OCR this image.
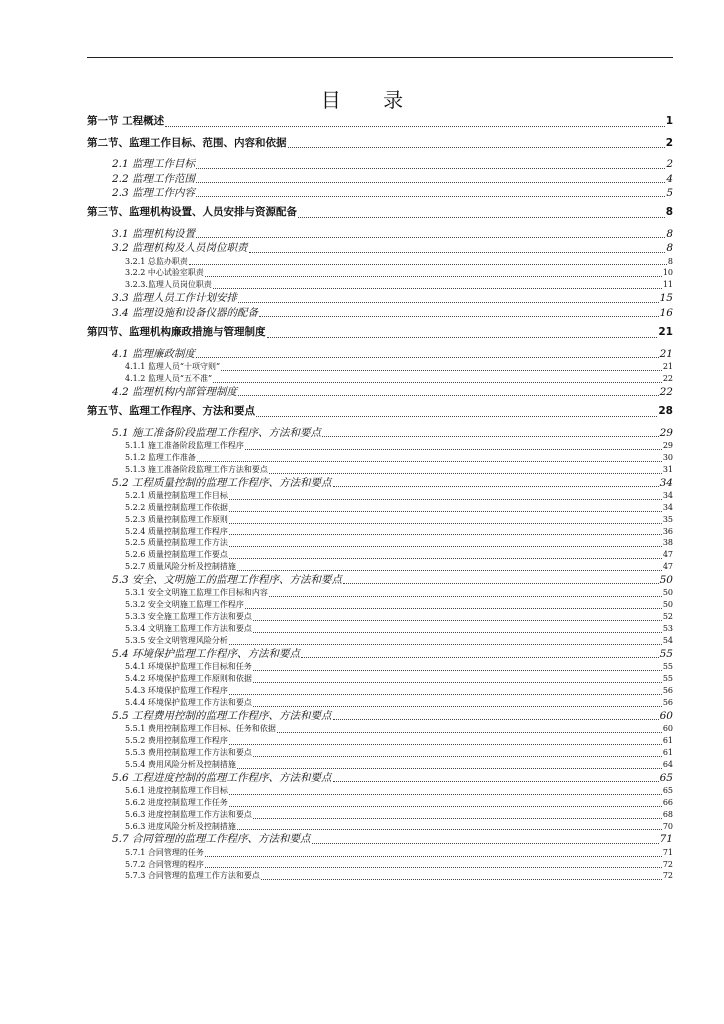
目 录
第一节 工程概述	1
第二节、监理工作目标、范围、内容和依据	2
2.1 监理工作目标	2
2.2 监理工作范围	4
2.3 监理工作内容	5
第三节、监理机构设置、人员安排与资源配备	8
3.1 监理机构设置	8
3.2 监理机构及人员岗位职责	8
3.2.1 总监办职责	8
3.2.2 中心试验室职责	10
3.2.3.监理人员岗位职责	11
3.3 监理人员工作计划安排	15
3.4 监理设施和设备仪器的配备	16
第四节、监理机构廉政措施与管理制度	21
4.1 监理廉政制度	21
4.1.1 监理人员“十项守则”	21
4.1.2 监理人员“五不准”	22
4.2 监理机构内部管理制度	22
第五节、监理工作程序、方法和要点	28
5.1 施工准备阶段监理工作程序、方法和要点	29
5.1.1 施工准备阶段监理工作程序	29
5.1.2 监理工作准备	30
5.1.3 施工准备阶段监理工作方法和要点	31
5.2 工程质量控制的监理工作程序、方法和要点	34
5.2.1 质量控制监理工作目标	34
5.2.2 质量控制监理工作依据	34
5.2.3 质量控制监理工作原则	35
5.2.4 质量控制监理工作程序	36
5.2.5 质量控制监理工作方法	38
5.2.6 质量控制监理工作要点	47
5.2.7 质量风险分析及控制措施	47
5.3 安全、文明施工的监理工作程序、方法和要点	50
5.3.1 安全文明施工监理工作目标和内容	50
5.3.2 安全文明施工监理工作程序	50
5.3.3 安全施工监理工作方法和要点	52
5.3.4 文明施工监理工作方法和要点	53
5.3.5 安全文明管理风险分析	54
5.4 环境保护监理工作程序、方法和要点	55
5.4.1 环境保护监理工作目标和任务	55
5.4.2 环境保护监理工作原则和依据	55
5.4.3 环境保护监理工作程序	56
5.4.4 环境保护监理工作方法和要点	56
5.5 工程费用控制的监理工作程序、方法和要点	60
5.5.1 费用控制监理工作目标、任务和依据	60
5.5.2 费用控制监理工作程序	61
5.5.3 费用控制监理工作方法和要点	61
5.5.4 费用风险分析及控制措施	64
5.6 工程进度控制的监理工作程序、方法和要点	65
5.6.1 进度控制监理工作目标	65
5.6.2 进度控制监理工作任务	66
5.6.3 进度控制监理工作方法和要点	68
5.6.3 进度风险分析及控制措施	70
5.7 合同管理的监理工作程序、方法和要点	71
5.7.1 合同管理的任务	71
5.7.2 合同管理的程序	72
5.7.3 合同管理的监理工作方法和要点	72
